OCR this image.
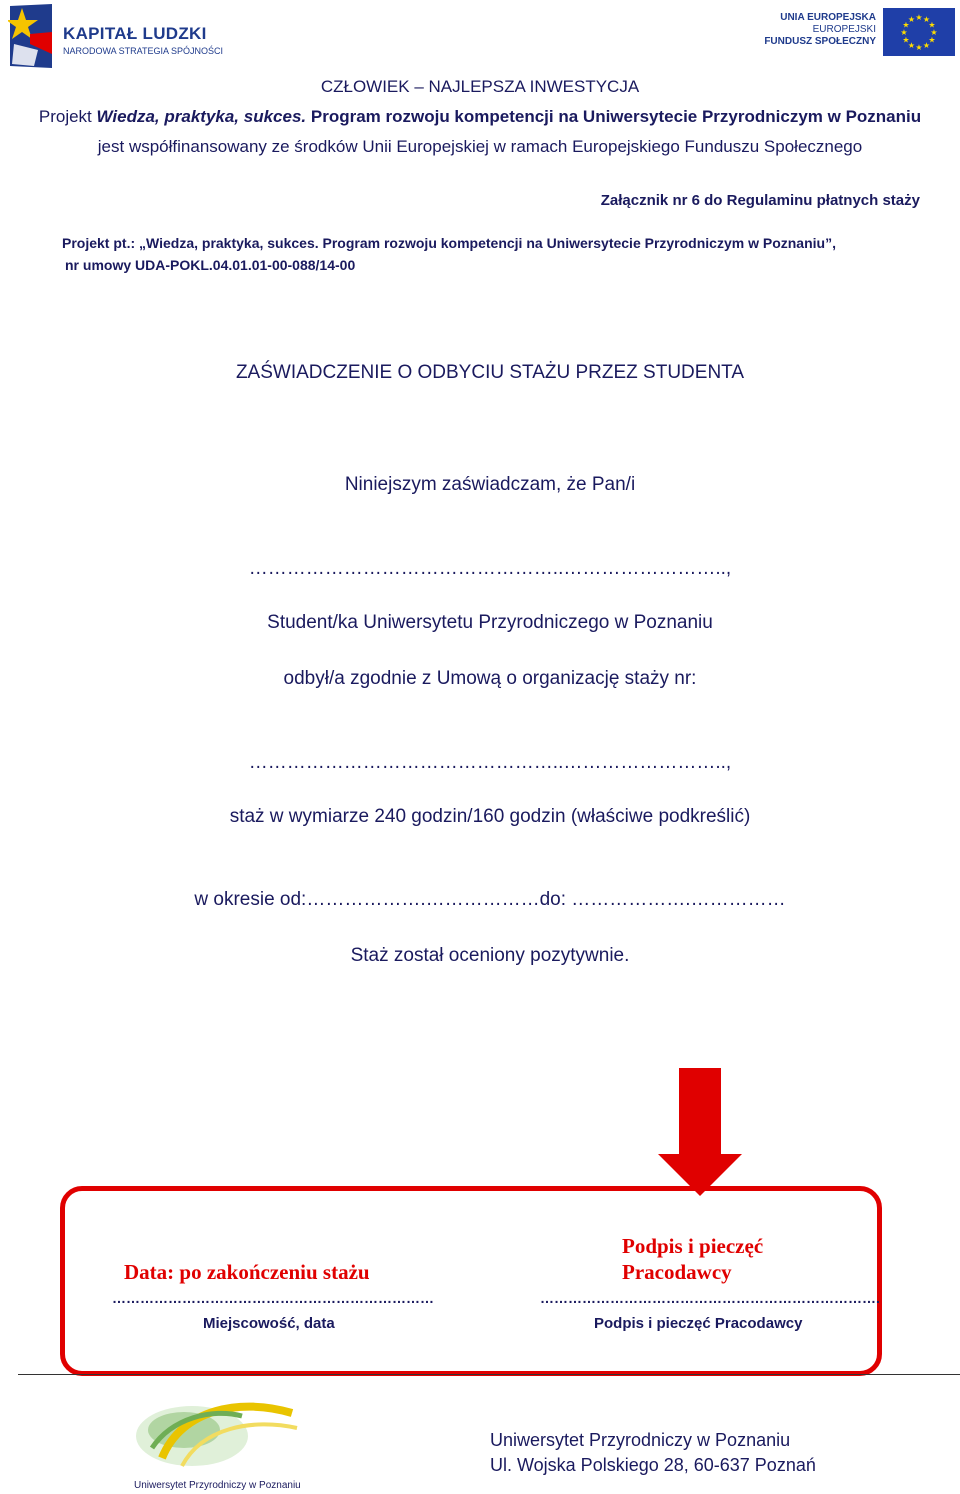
KAPITAŁ LUDZKI
NARODOWA STRATEGIA SPÓJNOŚCI
UNIA EUROPEJSKA
EUROPEJSKI
FUNDUSZ SPOŁECZNY
★
★
★
★
★
★
★
★
★ ★ ★
★
CZŁOWIEK – NAJLEPSZA INWESTYCJA
Projekt Wiedza, praktyka, sukces. Program rozwoju kompetencji na Uniwersytecie Przyrodniczym w Poznaniu
jest współfinansowany ze środków Unii Europejskiej w ramach Europejskiego Funduszu Społecznego
Załącznik nr 6 do Regulaminu płatnych staży
Projekt pt.: „Wiedza, praktyka, sukces. Program rozwoju kompetencji na Uniwersytecie Przyrodniczym w Poznaniu”,
nr umowy UDA-POKL.04.01.01-00-088/14-00
ZAŚWIADCZENIE O ODBYCIU STAŻU PRZEZ STUDENTA
Niniejszym zaświadczam, że Pan/i
…………………………………………..……………………..,
Student/ka Uniwersytetu Przyrodniczego w Poznaniu
odbył/a zgodnie z Umową o organizację staży nr:
…………………………………………..……………………..,
staż w wymiarze 240 godzin/160 godzin (właściwe podkreślić)
w okresie od:……………….………………do: ……………….……………
Staż został oceniony pozytywnie.
Data: po zakończeniu stażu
Podpis i pieczęć
Pracodawcy
……………………………………………………………	……………………………………………………………….
Miejscowość, data	Podpis i pieczęć Pracodawcy
Uniwersytet Przyrodniczy w Poznaniu
Uniwersytet Przyrodniczy w Poznaniu
Ul. Wojska Polskiego 28, 60-637 Poznań
